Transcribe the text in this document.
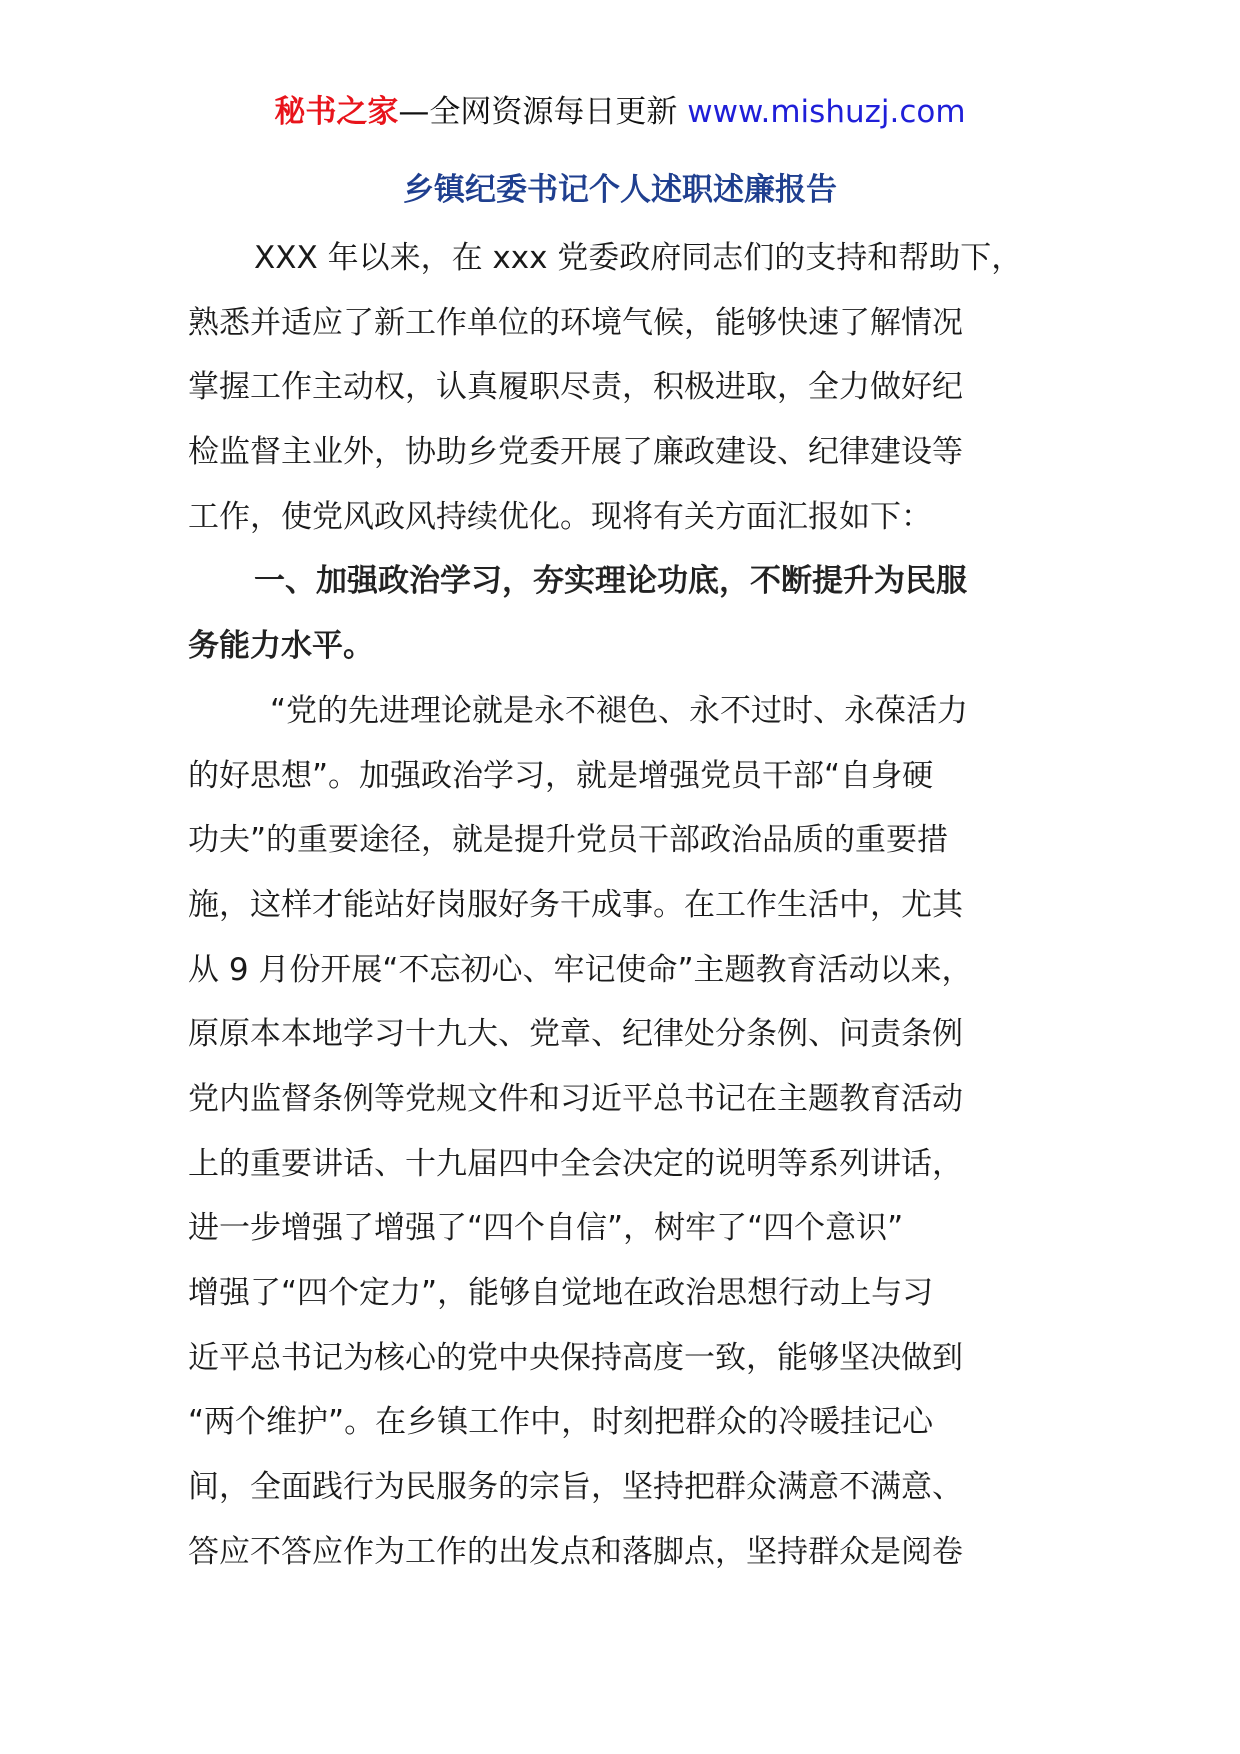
秘书之家—全网资源每日更新 www.mishuzj.com
乡镇纪委书记个人述职述廉报告
XXX 年以来，在 xxx 党委政府同志们的支持和帮助下，
熟悉并适应了新工作单位的环境气候，能够快速了解情况
掌握工作主动权，认真履职尽责，积极进取，全力做好纪
检监督主业外，协助乡党委开展了廉政建设、纪律建设等
工作，使党风政风持续优化。现将有关方面汇报如下：
一、加强政治学习，夯实理论功底，不断提升为民服
务能力水平。
“党的先进理论就是永不褪色、永不过时、永葆活力
的好思想”。加强政治学习，就是增强党员干部“自身硬
功夫”的重要途径，就是提升党员干部政治品质的重要措
施，这样才能站好岗服好务干成事。在工作生活中，尤其
从 9 月份开展“不忘初心、牢记使命”主题教育活动以来，
原原本本地学习十九大、党章、纪律处分条例、问责条例
党内监督条例等党规文件和习近平总书记在主题教育活动
上的重要讲话、十九届四中全会决定的说明等系列讲话，
进一步增强了增强了“四个自信”，树牢了“四个意识”
增强了“四个定力”，能够自觉地在政治思想行动上与习
近平总书记为核心的党中央保持高度一致，能够坚决做到
“两个维护”。在乡镇工作中，时刻把群众的冷暖挂记心
间，全面践行为民服务的宗旨，坚持把群众满意不满意、
答应不答应作为工作的出发点和落脚点，坚持群众是阅卷
